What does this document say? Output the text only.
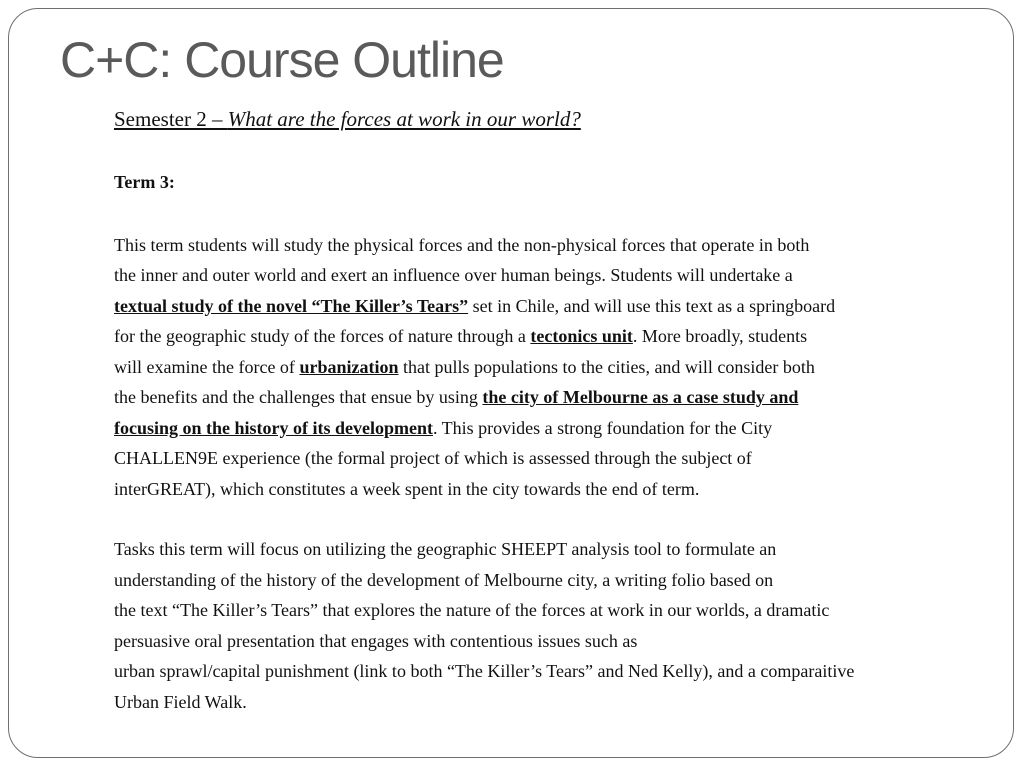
C+C: Course Outline

Semester 2 – What are the forces at work in our world?

Term 3:

This term students will study the physical forces and the non-physical forces that operate in both
the inner and outer world and exert an influence over human beings. Students will undertake a
textual study of the novel “The Killer’s Tears” set in Chile, and will use this text as a springboard
for the geographic study of the forces of nature through a tectonics unit. More broadly, students
will examine the force of urbanization that pulls populations to the cities, and will consider both
the benefits and the challenges that ensue by using the city of Melbourne as a case study and
focusing on the history of its development. This provides a strong foundation for the City
CHALLEN9E experience (the formal project of which is assessed through the subject of
interGREAT), which constitutes a week spent in the city towards the end of term.

Tasks this term will focus on utilizing the geographic SHEEPT analysis tool to formulate an
understanding of the history of the development of Melbourne city, a writing folio based on
the text “The Killer’s Tears” that explores the nature of the forces at work in our worlds, a dramatic
persuasive oral presentation that engages with contentious issues such as
urban sprawl/capital punishment (link to both “The Killer’s Tears” and Ned Kelly), and a comparaitive
Urban Field Walk.
